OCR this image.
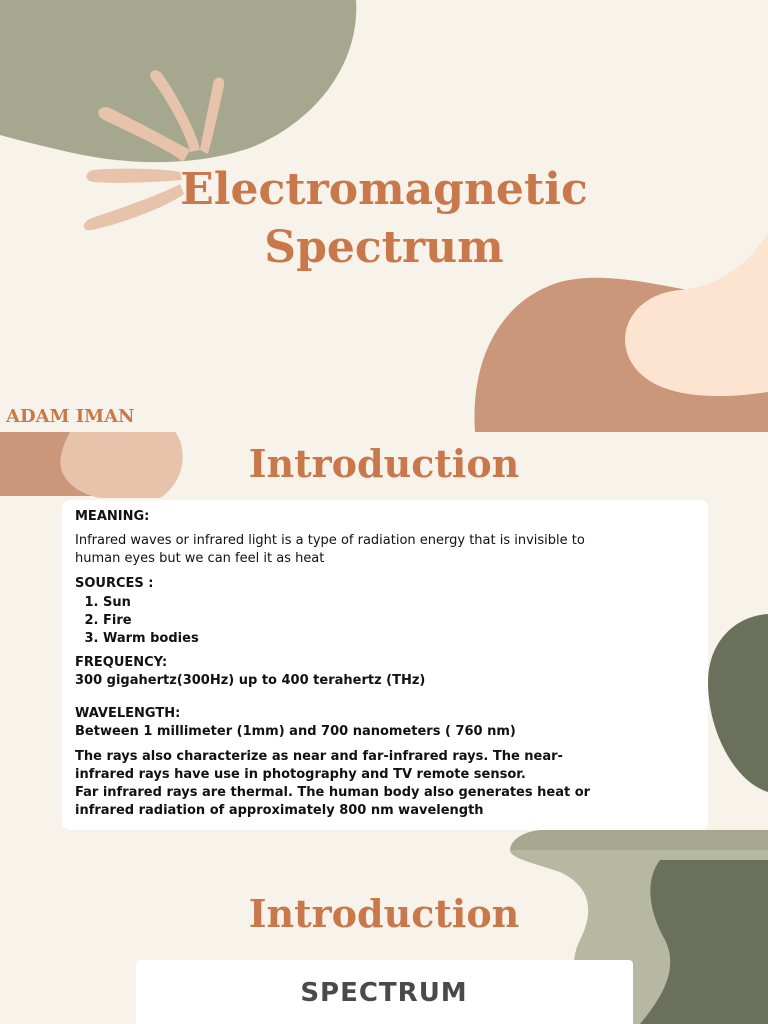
Electromagnetic
Spectrum

ADAM IMAN

Introduction

MEANING:

Infrared waves or infrared light is a type of radiation energy that is invisible to

human eyes but we can feel it as heat

SOURCES :

1. Sun
2. Fire
3. Warm bodies

FREQUENCY:

300 gigahertz(300Hz) up to 400 terahertz (THz)

WAVELENGTH:

Between 1 millimeter (1mm) and 700 nanometers ( 760 nm)

The rays also characterize as near and far-infrared rays. The near-

infrared rays have use in photography and TV remote sensor.

Far infrared rays are thermal. The human body also generates heat or

infrared radiation of approximately 800 nm wavelength

Introduction

SPECTRUM
